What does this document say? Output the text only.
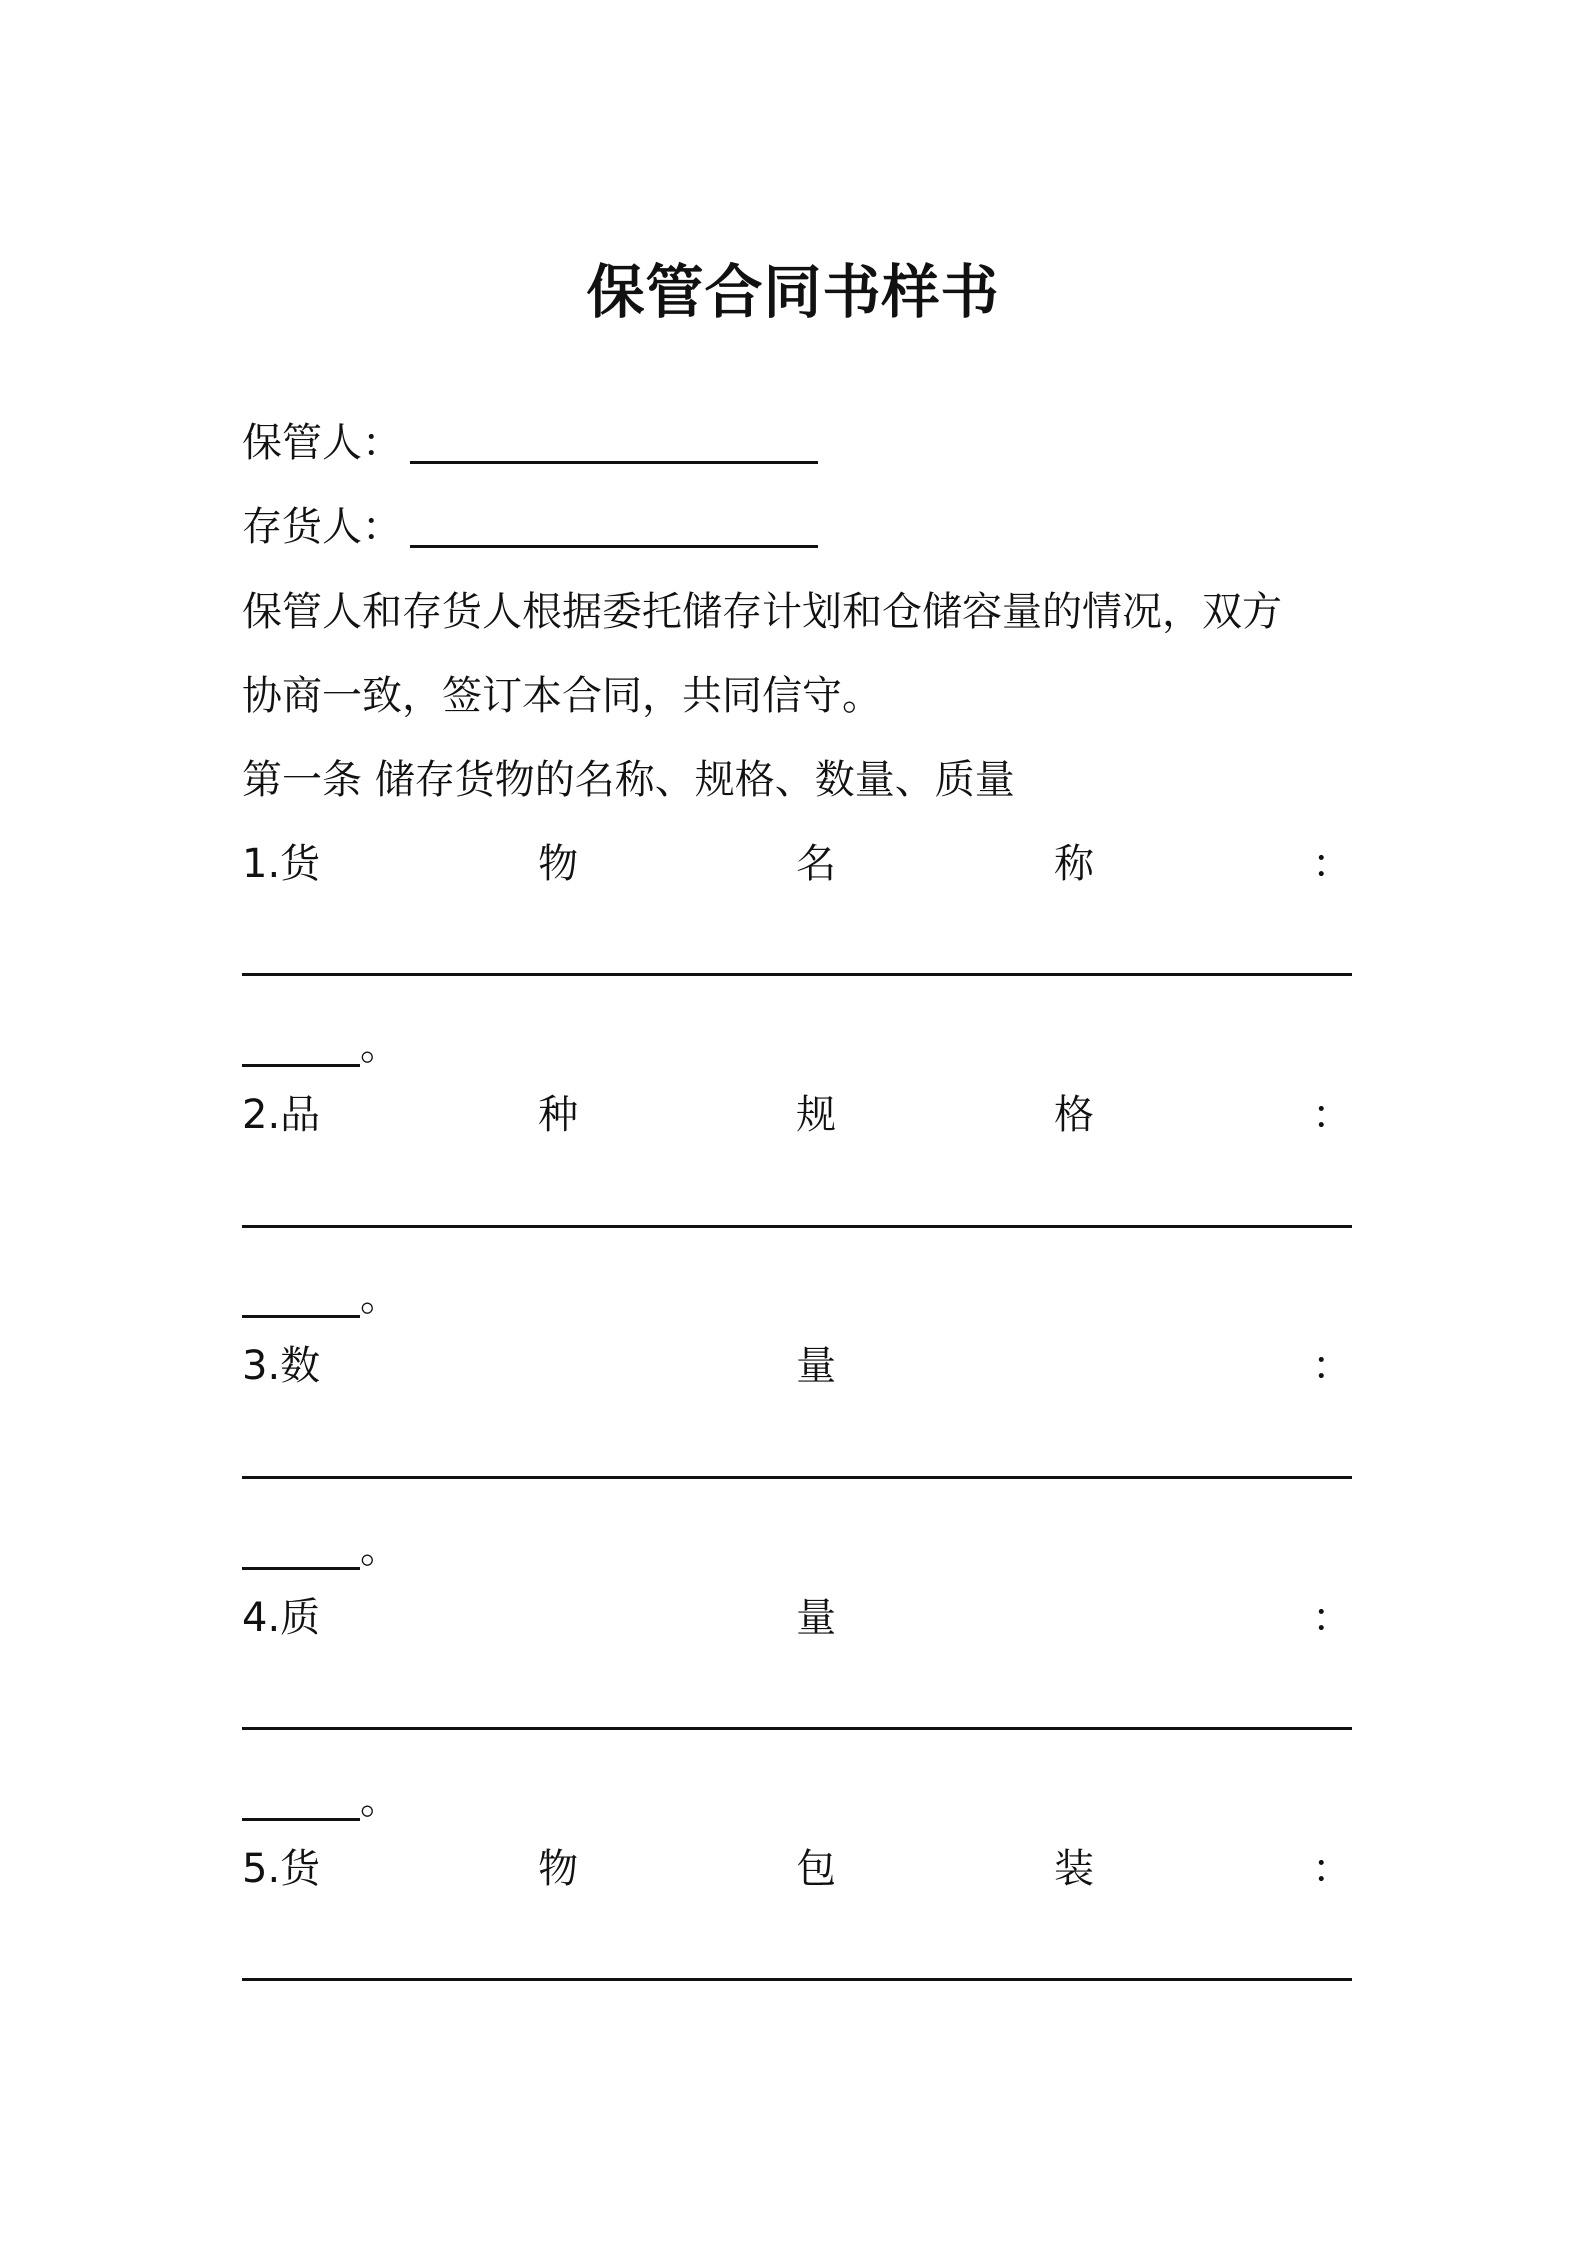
保管合同书样书
保管人：
存货人：
保管人和存货人根据委托储存计划和仓储容量的情况，双方
协商一致，签订本合同，共同信守。
第一条 储存货物的名称、规格、数量、质量
1.货	物	名	称	：
。
2.品	种	规	格	：
。
3.数	量	：
。
4.质	量	：
。
5.货	物	包	装	：
